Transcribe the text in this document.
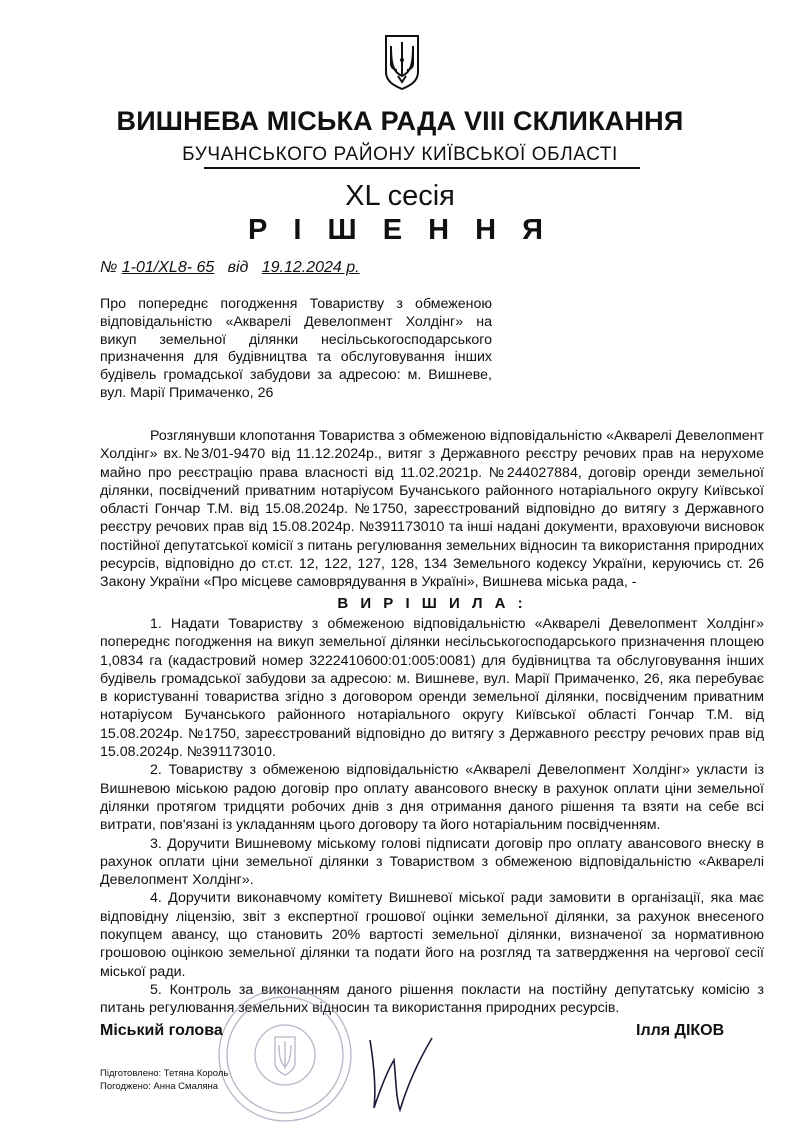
ВИШНЕВА МІСЬКА РАДА VIII СКЛИКАННЯ
БУЧАНСЬКОГО РАЙОНУ КИЇВСЬКОЇ ОБЛАСТІ
XL сесія
Р І Ш Е Н Н Я
№ 1-01/XL8- 65 від 19.12.2024 р.
Про попереднє погодження Товариству з обмеженою відповідальністю «Акварелі Девелопмент Холдінг» на викуп земельної ділянки несільськогосподарського призначення для будівництва та обслуговування інших будівель громадської забудови за адресою: м. Вишневе, вул. Марії Примаченко, 26

Розглянувши клопотання Товариства з обмеженою відповідальністю «Акварелі Девелопмент Холдінг» вх.№3/01-9470 від 11.12.2024р., витяг з Державного реєстру речових прав на нерухоме майно про реєстрацію права власності від 11.02.2021р. №244027884, договір оренди земельної ділянки, посвідчений приватним нотаріусом Бучанського районного нотаріального округу Київської області Гончар Т.М. від 15.08.2024р. №1750, зареєстрований відповідно до витягу з Державного реєстру речових прав від 15.08.2024р. №391173010 та інші надані документи, враховуючи висновок постійної депутатської комісії з питань регулювання земельних відносин та використання природних ресурсів, відповідно до ст.ст. 12, 122, 127, 128, 134 Земельного кодексу України, керуючись ст. 26 Закону України «Про місцеве самоврядування в Україні», Вишнева міська рада, -

В И Р І Ш И Л А :

1. Надати Товариству з обмеженою відповідальністю «Акварелі Девелопмент Холдінг» попереднє погодження на викуп земельної ділянки несільськогосподарського призначення площею 1,0834 га (кадастровий номер 3222410600:01:005:0081) для будівництва та обслуговування інших будівель громадської забудови за адресою: м. Вишневе, вул. Марії Примаченко, 26, яка перебуває в користуванні товариства згідно з договором оренди земельної ділянки, посвідченим приватним нотаріусом Бучанського районного нотаріального округу Київської області Гончар Т.М. від 15.08.2024р. №1750, зареєстрований відповідно до витягу з Державного реєстру речових прав від 15.08.2024р. №391173010.

2. Товариству з обмеженою відповідальністю «Акварелі Девелопмент Холдінг» укласти із Вишневою міською радою договір про оплату авансового внеску в рахунок оплати ціни земельної ділянки протягом тридцяти робочих днів з дня отримання даного рішення та взяти на себе всі витрати, пов'язані із укладанням цього договору та його нотаріальним посвідченням.

3. Доручити Вишневому міському голові підписати договір про оплату авансового внеску в рахунок оплати ціни земельної ділянки з Товариством з обмеженою відповідальністю «Акварелі Девелопмент Холдінг».

4. Доручити виконавчому комітету Вишневої міської ради замовити в організації, яка має відповідну ліцензію, звіт з експертної грошової оцінки земельної ділянки, за рахунок внесеного покупцем авансу, що становить 20% вартості земельної ділянки, визначеної за нормативною грошовою оцінкою земельної ділянки та подати його на розгляд та затвердження на чергової сесії міської ради.

5. Контроль за виконанням даного рішення покласти на постійну депутатську комісію з питань регулювання земельних відносин та використання природних ресурсів.

Міський голова	Ілля ДІКОВ
Підготовлено: Тетяна Король
Погоджено: Анна Смаляна
